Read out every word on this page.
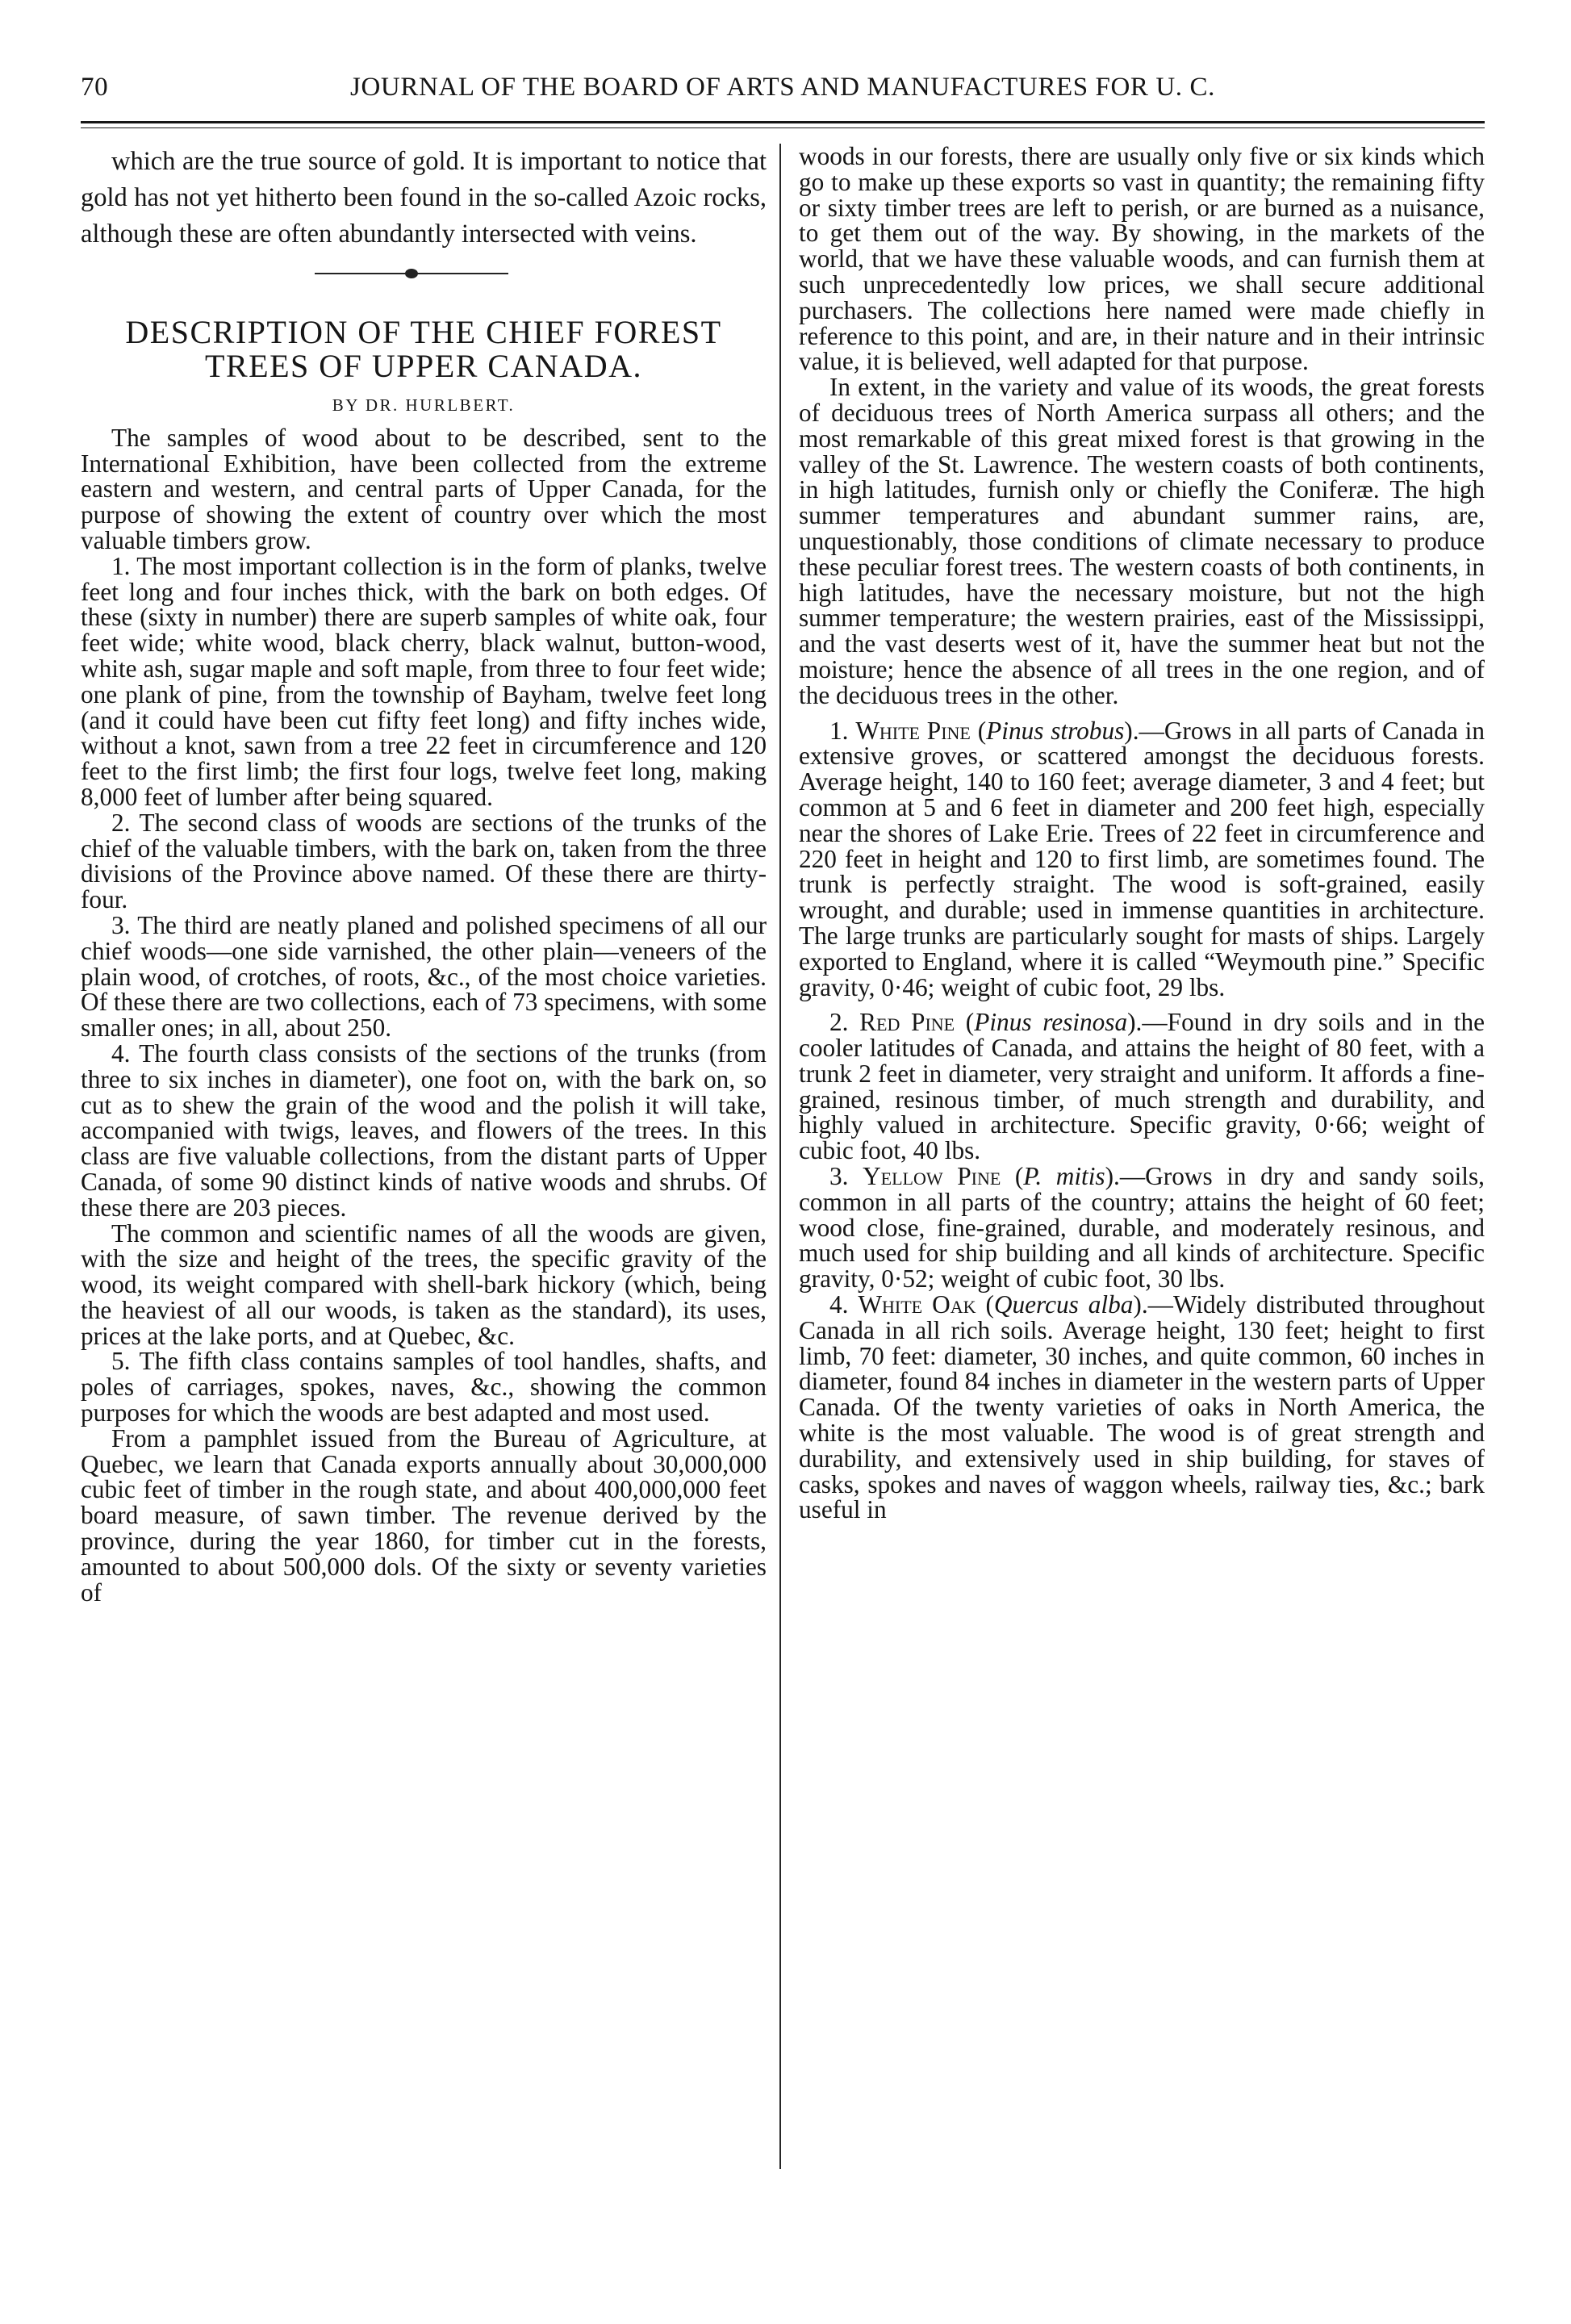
70	JOURNAL OF THE BOARD OF ARTS AND MANUFACTURES FOR U. C.

which are the true source of gold. It is important to notice that gold has not yet hitherto been found in the so-called Azoic rocks, although these are often abundantly intersected with veins.

DESCRIPTION OF THE CHIEF FOREST TREES OF UPPER CANADA.
BY DR. HURLBERT.

The samples of wood about to be described, sent to the International Exhibition, have been collected from the extreme eastern and western, and central parts of Upper Canada, for the purpose of showing the extent of country over which the most valuable timbers grow.

1. The most important collection is in the form of planks, twelve feet long and four inches thick, with the bark on both edges. Of these (sixty in number) there are superb samples of white oak, four feet wide; white wood, black cherry, black walnut, button-wood, white ash, sugar maple and soft maple, from three to four feet wide; one plank of pine, from the township of Bayham, twelve feet long (and it could have been cut fifty feet long) and fifty inches wide, without a knot, sawn from a tree 22 feet in circumference and 120 feet to the first limb; the first four logs, twelve feet long, making 8,000 feet of lumber after being squared.

2. The second class of woods are sections of the trunks of the chief of the valuable timbers, with the bark on, taken from the three divisions of the Province above named. Of these there are thirty-four.

3. The third are neatly planed and polished specimens of all our chief woods—one side varnished, the other plain—veneers of the plain wood, of crotches, of roots, &c., of the most choice varieties. Of these there are two collections, each of 73 specimens, with some smaller ones; in all, about 250.

4. The fourth class consists of the sections of the trunks (from three to six inches in diameter), one foot on, with the bark on, so cut as to shew the grain of the wood and the polish it will take, accompanied with twigs, leaves, and flowers of the trees. In this class are five valuable collections, from the distant parts of Upper Canada, of some 90 distinct kinds of native woods and shrubs. Of these there are 203 pieces.

The common and scientific names of all the woods are given, with the size and height of the trees, the specific gravity of the wood, its weight compared with shell-bark hickory (which, being the heaviest of all our woods, is taken as the standard), its uses, prices at the lake ports, and at Quebec, &c.

5. The fifth class contains samples of tool handles, shafts, and poles of carriages, spokes, naves, &c., showing the common purposes for which the woods are best adapted and most used.

From a pamphlet issued from the Bureau of Agriculture, at Quebec, we learn that Canada exports annually about 30,000,000 cubic feet of timber in the rough state, and about 400,000,000 feet board measure, of sawn timber. The revenue derived by the province, during the year 1860, for timber cut in the forests, amounted to about 500,000 dols. Of the sixty or seventy varieties of

woods in our forests, there are usually only five or six kinds which go to make up these exports so vast in quantity; the remaining fifty or sixty timber trees are left to perish, or are burned as a nuisance, to get them out of the way. By showing, in the markets of the world, that we have these valuable woods, and can furnish them at such unprecedentedly low prices, we shall secure additional purchasers. The collections here named were made chiefly in reference to this point, and are, in their nature and in their intrinsic value, it is believed, well adapted for that purpose.

In extent, in the variety and value of its woods, the great forests of deciduous trees of North America surpass all others; and the most remarkable of this great mixed forest is that growing in the valley of the St. Lawrence. The western coasts of both continents, in high latitudes, furnish only or chiefly the Coniferæ. The high summer temperatures and abundant summer rains, are, unquestionably, those conditions of climate necessary to produce these peculiar forest trees. The western coasts of both continents, in high latitudes, have the necessary moisture, but not the high summer temperature; the western prairies, east of the Mississippi, and the vast deserts west of it, have the summer heat but not the moisture; hence the absence of all trees in the one region, and of the deciduous trees in the other.

1. White Pine (Pinus strobus).—Grows in all parts of Canada in extensive groves, or scattered amongst the deciduous forests. Average height, 140 to 160 feet; average diameter, 3 and 4 feet; but common at 5 and 6 feet in diameter and 200 feet high, especially near the shores of Lake Erie. Trees of 22 feet in circumference and 220 feet in height and 120 to first limb, are sometimes found. The trunk is perfectly straight. The wood is soft-grained, easily wrought, and durable; used in immense quantities in architecture. The large trunks are particularly sought for masts of ships. Largely exported to England, where it is called “Weymouth pine.” Specific gravity, 0·46; weight of cubic foot, 29 lbs.

2. Red Pine (Pinus resinosa).—Found in dry soils and in the cooler latitudes of Canada, and attains the height of 80 feet, with a trunk 2 feet in diameter, very straight and uniform. It affords a fine-grained, resinous timber, of much strength and durability, and highly valued in architecture. Specific gravity, 0·66; weight of cubic foot, 40 lbs.

3. Yellow Pine (P. mitis).—Grows in dry and sandy soils, common in all parts of the country; attains the height of 60 feet; wood close, fine-grained, durable, and moderately resinous, and much used for ship building and all kinds of architecture. Specific gravity, 0·52; weight of cubic foot, 30 lbs.

4. White Oak (Quercus alba).—Widely distributed throughout Canada in all rich soils. Average height, 130 feet; height to first limb, 70 feet: diameter, 30 inches, and quite common, 60 inches in diameter, found 84 inches in diameter in the western parts of Upper Canada. Of the twenty varieties of oaks in North America, the white is the most valuable. The wood is of great strength and durability, and extensively used in ship building, for staves of casks, spokes and naves of waggon wheels, railway ties, &c.; bark useful in
